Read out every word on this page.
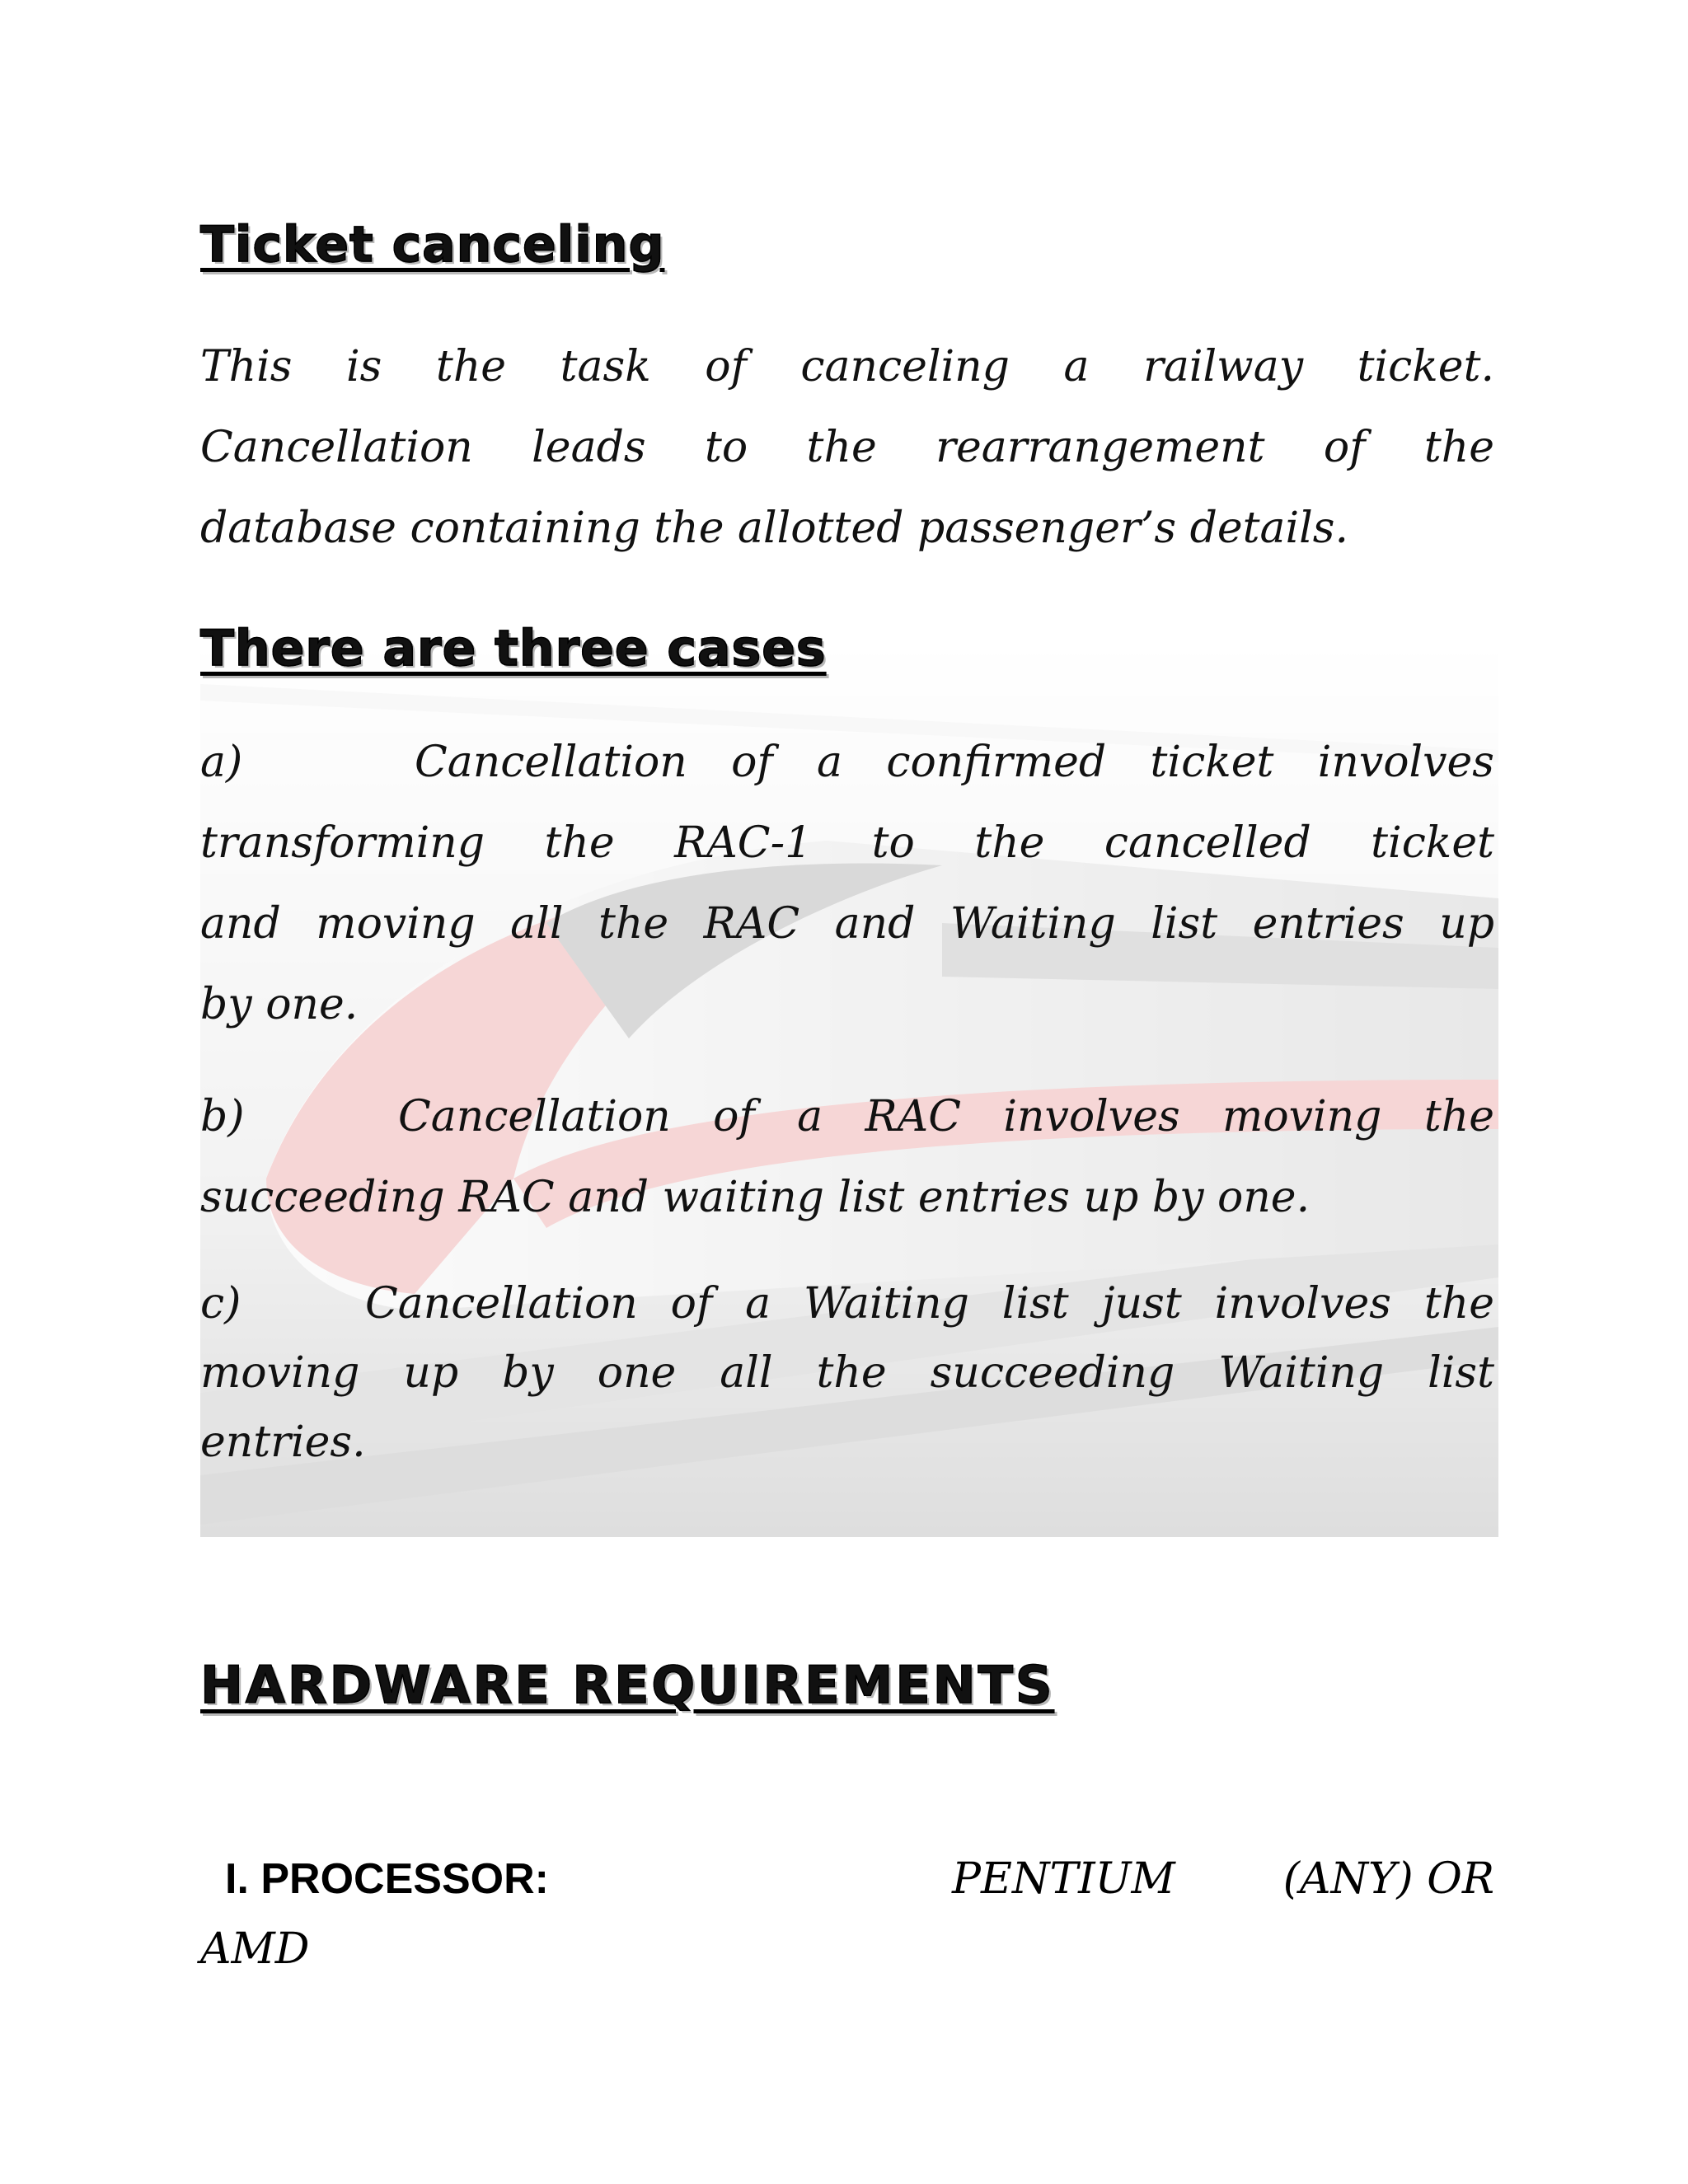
Ticket canceling
This is the task of canceling a railway ticket.
Cancellation leads to the rearrangement of the
database containing the allotted passenger’s details.
There are three cases
a)	Cancellation of a confirmed ticket involves
transforming the RAC-1 to the cancelled ticket
and moving all the RAC and Waiting list entries up
by one.
b)	Cancellation of a RAC involves moving the
succeeding RAC and waiting list entries up by one.
c)	Cancellation of a Waiting list just involves the
moving up by one all the succeeding Waiting list
entries.
HARDWARE REQUIREMENTS
I. PROCESSOR:	PENTIUM	(ANY) OR
AMD
